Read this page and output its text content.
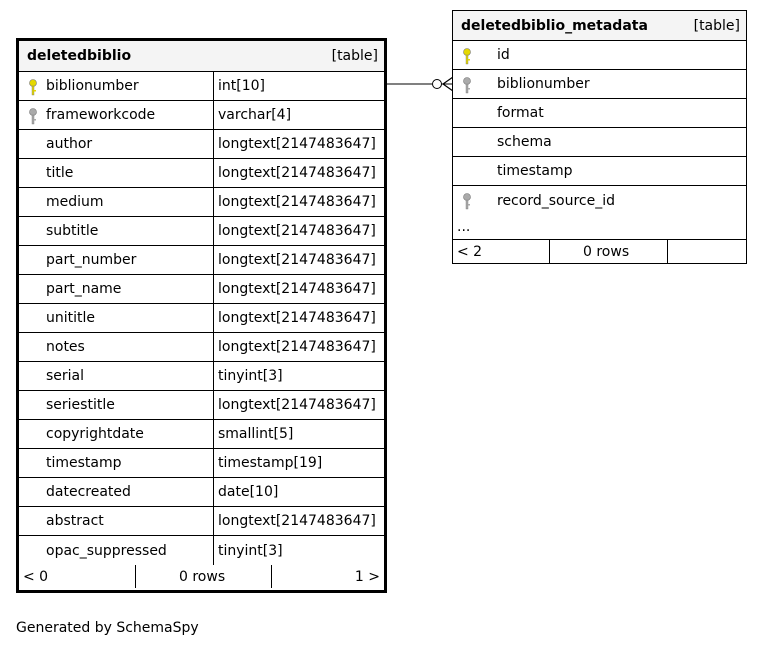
deletedbiblio	[table]
biblionumber	int[10]
frameworkcode	varchar[4]
author	longtext[2147483647]
title	longtext[2147483647]
medium	longtext[2147483647]
subtitle	longtext[2147483647]
part_number	longtext[2147483647]
part_name	longtext[2147483647]
unititle	longtext[2147483647]
notes	longtext[2147483647]
serial	tinyint[3]
seriestitle	longtext[2147483647]
copyrightdate	smallint[5]
timestamp	timestamp[19]
datecreated	date[10]
abstract	longtext[2147483647]
opac_suppressed	tinyint[3]
< 0	0 rows	1 >
deletedbiblio_metadata	[table]
id
biblionumber
format
schema
timestamp
record_source_id
...
< 2	0 rows
Generated by SchemaSpy
